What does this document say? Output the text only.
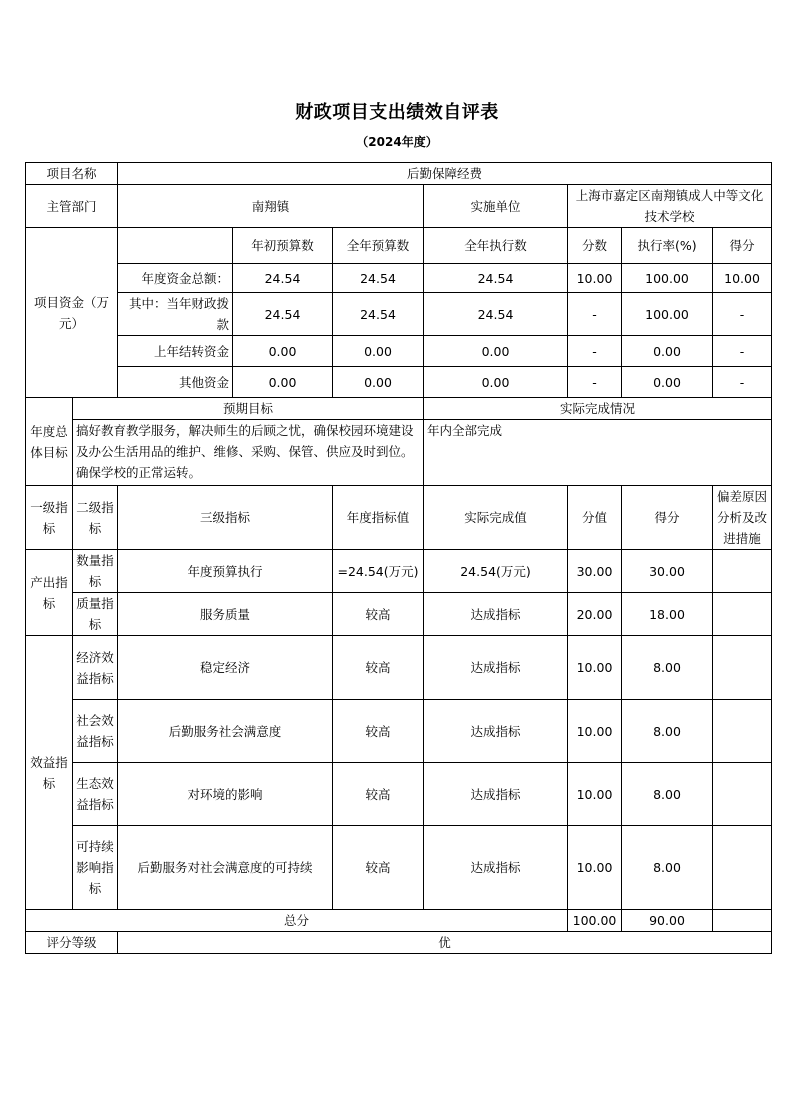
财政项目支出绩效自评表
（2024年度）
项目名称		后勤保障经费						
主管部门		南翔镇			实施单位	上海市嘉定区南翔镇成人中等文化技术学校		
项目资金（万元）			年初预算数	全年预算数	全年执行数	分数	执行率(%)	得分
		年度资金总额：	24.54	24.54	24.54	10.00	100.00	10.00
		其中：当年财政拨款	24.54	24.54	24.54	-	100.00	-
		上年结转资金	0.00	0.00	0.00	-	0.00	-
		其他资金	0.00	0.00	0.00	-	0.00	-
年度总体目标	预期目标				实际完成情况			
	搞好教育教学服务，解决师生的后顾之忧，确保校园环境建设及办公生活用品的维护、维修、采购、保管、供应及时到位。确保学校的正常运转。				年内全部完成			
一级指标	二级指标	三级指标		年度指标值	实际完成值	分值	得分	偏差原因分析及改进措施
产出指标	数量指标	年度预算执行		=24.54(万元)	24.54(万元)	30.00	30.00	
	质量指标	服务质量		较高	达成指标	20.00	18.00	
效益指标	经济效益指标	稳定经济		较高	达成指标	10.00	8.00	
	社会效益指标	后勤服务社会满意度		较高	达成指标	10.00	8.00	
	生态效益指标	对环境的影响		较高	达成指标	10.00	8.00	
	可持续影响指标	后勤服务对社会满意度的可持续		较高	达成指标	10.00	8.00	
总分						100.00	90.00	
评分等级		优						
